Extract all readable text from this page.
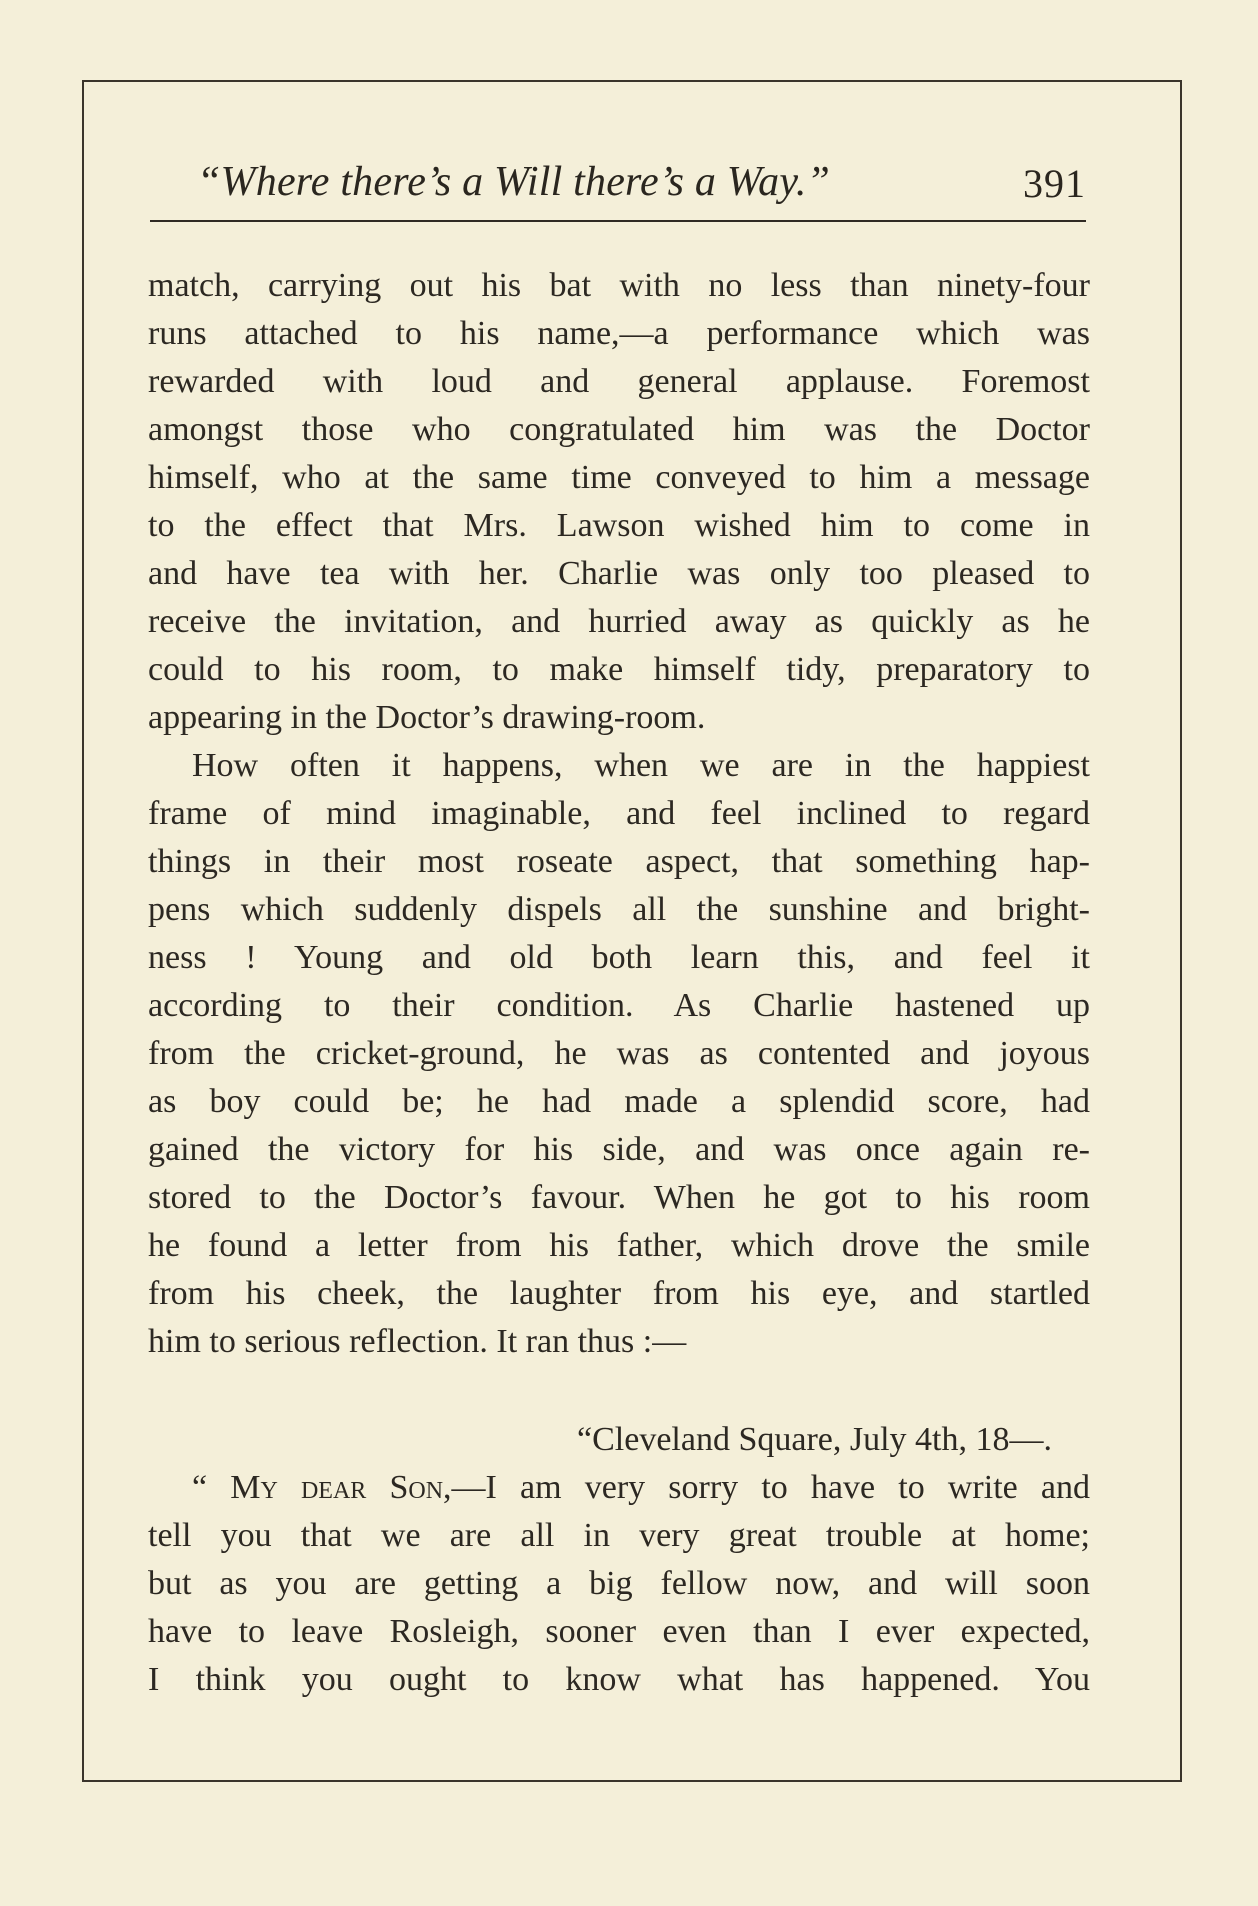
“Where there’s a Will there’s a Way.”	391
match, carrying out his bat with no less than ninety-four
runs attached to his name,—a performance which was
rewarded with loud and general applause. Foremost
amongst those who congratulated him was the Doctor
himself, who at the same time conveyed to him a message
to the effect that Mrs. Lawson wished him to come in
and have tea with her. Charlie was only too pleased to
receive the invitation, and hurried away as quickly as he
could to his room, to make himself tidy, preparatory to
appearing in the Doctor’s drawing-room.
How often it happens, when we are in the happiest
frame of mind imaginable, and feel inclined to regard
things in their most roseate aspect, that something hap-
pens which suddenly dispels all the sunshine and bright-
ness ! Young and old both learn this, and feel it
according to their condition. As Charlie hastened up
from the cricket-ground, he was as contented and joyous
as boy could be; he had made a splendid score, had
gained the victory for his side, and was once again re-
stored to the Doctor’s favour. When he got to his room
he found a letter from his father, which drove the smile
from his cheek, the laughter from his eye, and startled
him to serious reflection. It ran thus :—
“Cleveland Square, July 4th, 18—.
“ My dear Son,—I am very sorry to have to write and
tell you that we are all in very great trouble at home;
but as you are getting a big fellow now, and will soon
have to leave Rosleigh, sooner even than I ever expected,
I think you ought to know what has happened. You
